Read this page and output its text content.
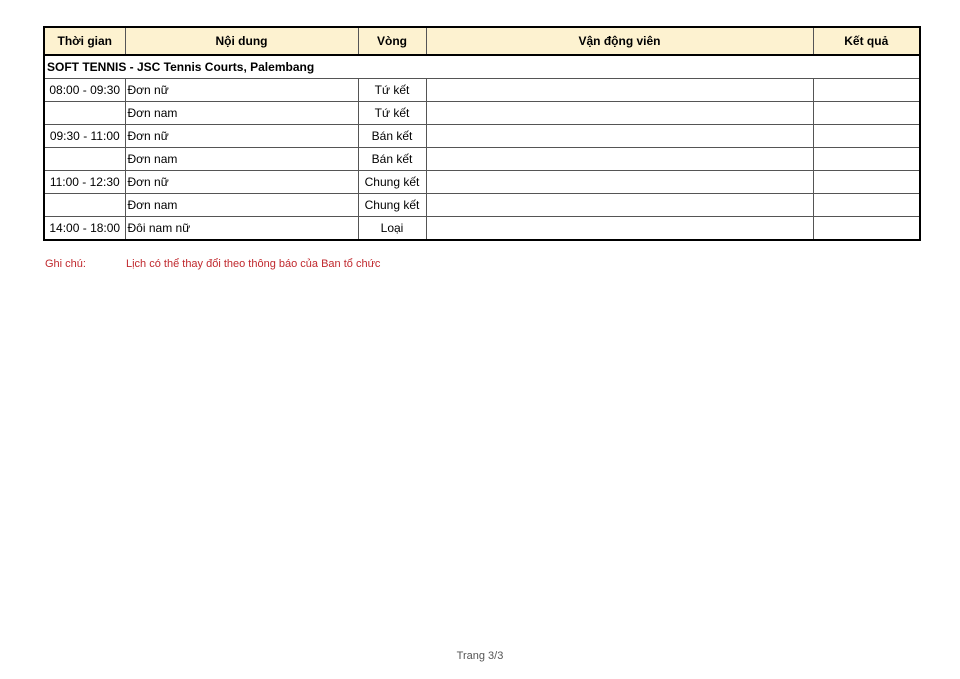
Thời gian	Nội dung	Vòng	Vận động viên	Kết quả
SOFT TENNIS - JSC Tennis Courts, Palembang				
08:00 - 09:30	Đơn nữ	Tứ kết		
	Đơn nam	Tứ kết		
09:30 - 11:00	Đơn nữ	Bán kết		
	Đơn nam	Bán kết		
11:00 - 12:30	Đơn nữ	Chung kết		
	Đơn nam	Chung kết		
14:00 - 18:00	Đôi nam nữ	Loại		
Ghi chú:	Lịch có thể thay đổi theo thông báo của Ban tổ chức
Trang 3/3
